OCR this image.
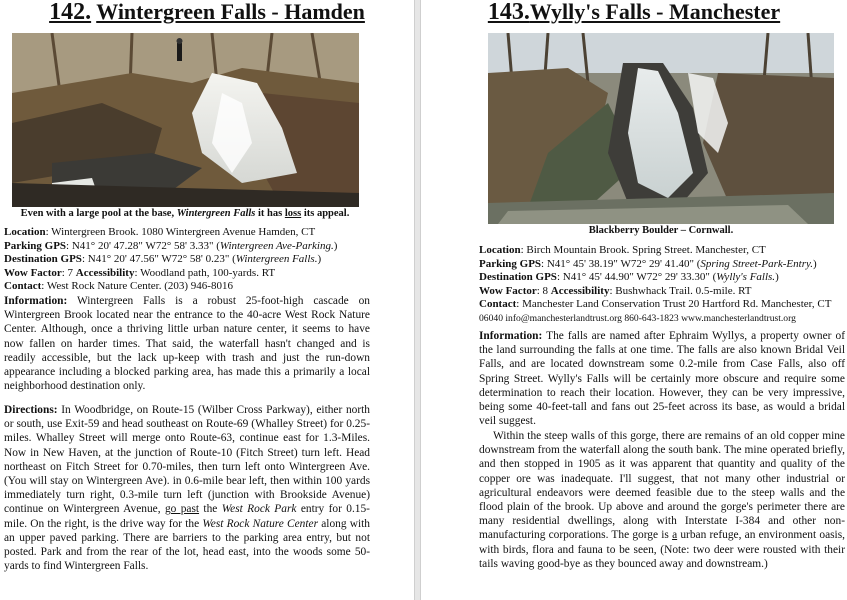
142. Wintergreen Falls - Hamden
Even with a large pool at the base, Wintergreen Falls it has loss its appeal.
Location: Wintergreen Brook. 1080 Wintergreen Avenue Hamden, CT
Parking GPS: N41° 20' 47.28" W72° 58' 3.33" (Wintergreen Ave-Parking.)
Destination GPS: N41° 20' 47.56" W72° 58' 0.23" (Wintergreen Falls.)
Wow Factor: 7 Accessibility: Woodland path, 100-yards. RT
Contact: West Rock Nature Center. (203) 946-8016

Information: Wintergreen Falls is a robust 25-foot-high cascade on Wintergreen Brook located near the entrance to the 40-acre West Rock Nature Center. Although, once a thriving little urban nature center, it seems to have now fallen on harder times. That said, the waterfall hasn't changed and is readily accessible, but the lack up-keep with trash and just the run-down appearance including a blocked parking area, has made this a primarily a local neighborhood destination only.

Directions: In Woodbridge, on Route-15 (Wilber Cross Parkway), either north or south, use Exit-59 and head southeast on Route-69 (Whalley Street) for 0.25-miles. Whalley Street will merge onto Route-63, continue east for 1.3-Miles. Now in New Haven, at the junction of Route-10 (Fitch Street) turn left. Head northeast on Fitch Street for 0.70-miles, then turn left onto Wintergreen Ave. (You will stay on Wintergreen Ave). in 0.6-mile bear left, then within 100 yards immediately turn right, 0.3-mile turn left (junction with Brookside Avenue) continue on Wintergreen Avenue, go past the West Rock Park entry for 0.15-mile. On the right, is the drive way for the West Rock Nature Center along with an upper paved parking. There are barriers to the parking area entry, but not posted. Park and from the rear of the lot, head east, into the woods some 50-yards to find Wintergreen Falls.

143.Wylly's Falls - Manchester
Blackberry Boulder – Cornwall.
Location: Birch Mountain Brook. Spring Street. Manchester, CT
Parking GPS: N41° 45' 38.19" W72° 29' 41.40" (Spring Street-Park-Entry.)
Destination GPS: N41° 45' 44.90" W72° 29' 33.30" (Wylly's Falls.)
Wow Factor: 8 Accessibility: Bushwhack Trail. 0.5-mile. RT
Contact: Manchester Land Conservation Trust 20 Hartford Rd. Manchester, CT
06040 info@manchesterlandtrust.org 860-643-1823 www.manchesterlandtrust.org

Information: The falls are named after Ephraim Wyllys, a property owner of the land surrounding the falls at one time. The falls are also known Bridal Veil Falls, and are located downstream some 0.2-mile from Case Falls, also off Spring Street. Wylly's Falls will be certainly more obscure and require some determination to reach their location. However, they can be very impressive, being some 40-feet-tall and fans out 25-feet across its base, as would a bridal veil suggest.

Within the steep walls of this gorge, there are remains of an old copper mine downstream from the waterfall along the south bank. The mine operated briefly, and then stopped in 1905 as it was apparent that quantity and quality of the copper ore was inadequate. I'll suggest, that not many other industrial or agricultural endeavors were deemed feasible due to the steep walls and the flood plain of the brook. Up above and around the gorge's perimeter there are many residential dwellings, along with Interstate I-384 and other non-manufacturing corporations. The gorge is a urban refuge, an environment oasis, with birds, flora and fauna to be seen, (Note: two deer were rousted with their tails waving good-bye as they bounced away and downstream.)
